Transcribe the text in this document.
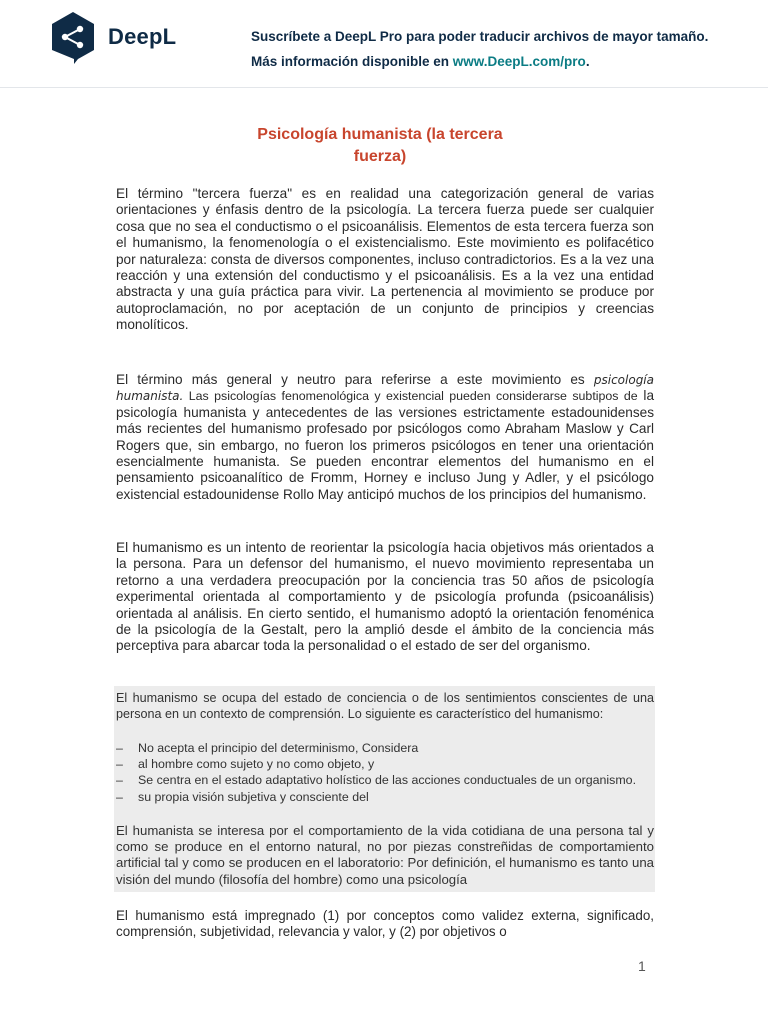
DeepL	Suscríbete a DeepL Pro para poder traducir archivos de mayor tamaño.
Más información disponible en www.DeepL.com/pro.
Psicología humanista (la tercera
fuerza)
El término "tercera fuerza" es en realidad una categorización general de varias orientaciones y énfasis dentro de la psicología. La tercera fuerza puede ser cualquier cosa que no sea el conductismo o el psicoanálisis. Elementos de esta tercera fuerza son el humanismo, la fenomenología o el existencialismo. Este movimiento es polifacético por naturaleza: consta de diversos componentes, incluso contradictorios. Es a la vez una reacción y una extensión del conductismo y el psicoanálisis. Es a la vez una entidad abstracta y una guía práctica para vivir. La pertenencia al movimiento se produce por autoproclamación, no por aceptación de un conjunto de principios y creencias monolíticos.
El término más general y neutro para referirse a este movimiento es psicología humanista. Las psicologías fenomenológica y existencial pueden considerarse subtipos de la psicología humanista y antecedentes de las versiones estrictamente estadounidenses más recientes del humanismo profesado por psicólogos como Abraham Maslow y Carl Rogers que, sin embargo, no fueron los primeros psicólogos en tener una orientación esencialmente humanista. Se pueden encontrar elementos del humanismo en el pensamiento psicoanalítico de Fromm, Horney e incluso Jung y Adler, y el psicólogo existencial estadounidense Rollo May anticipó muchos de los principios del humanismo.
El humanismo es un intento de reorientar la psicología hacia objetivos más orientados a la persona. Para un defensor del humanismo, el nuevo movimiento representaba un retorno a una verdadera preocupación por la conciencia tras 50 años de psicología experimental orientada al comportamiento y de psicología profunda (psicoanálisis) orientada al análisis. En cierto sentido, el humanismo adoptó la orientación fenoménica de la psicología de la Gestalt, pero la amplió desde el ámbito de la conciencia más perceptiva para abarcar toda la personalidad o el estado de ser del organismo.
El humanismo se ocupa del estado de conciencia o de los sentimientos conscientes de una persona en un contexto de comprensión. Lo siguiente es característico del humanismo:
– No acepta el principio del determinismo, Considera
– al hombre como sujeto y no como objeto, y
– Se centra en el estado adaptativo holístico de las acciones conductuales de un organismo.
– su propia visión subjetiva y consciente del
El humanista se interesa por el comportamiento de la vida cotidiana de una persona tal y como se produce en el entorno natural, no por piezas constreñidas de comportamiento artificial tal y como se producen en el laboratorio: Por definición, el humanismo es tanto una visión del mundo (filosofía del hombre) como una psicología
El humanismo está impregnado (1) por conceptos como validez externa, significado, comprensión, subjetividad, relevancia y valor, y (2) por objetivos o
1
